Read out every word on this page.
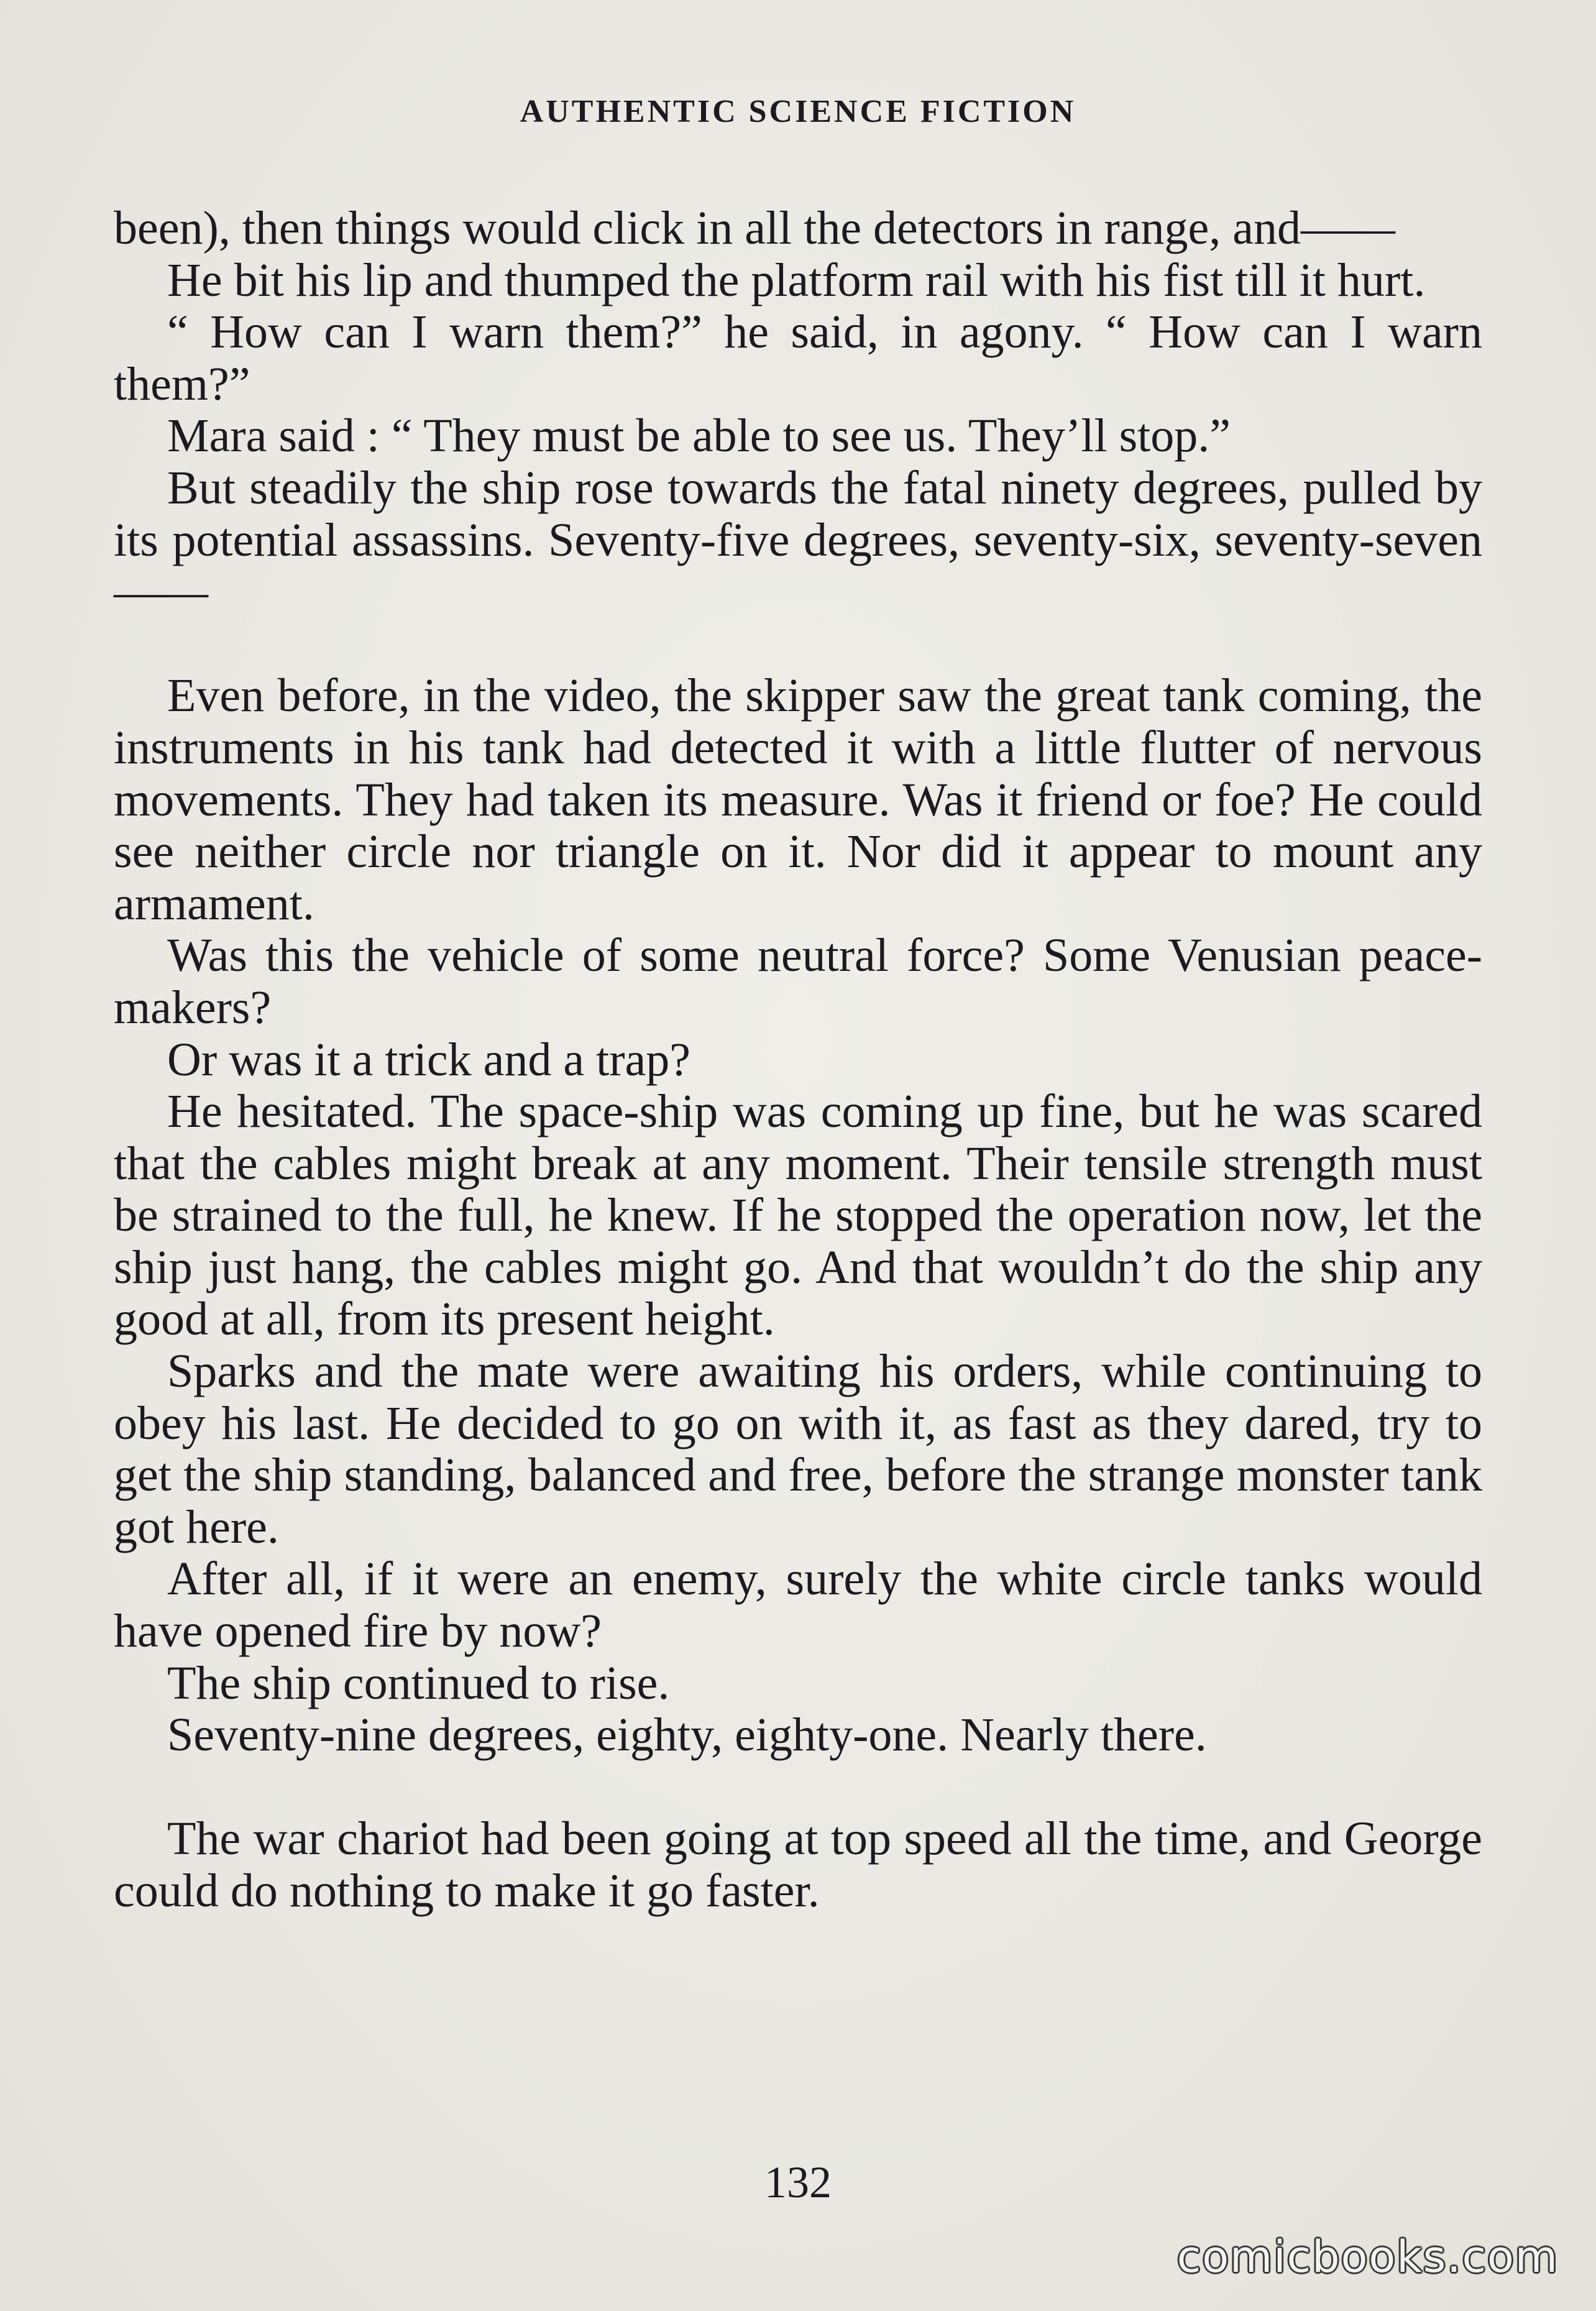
AUTHENTIC SCIENCE FICTION

been), then things would click in all the detectors in range, and——

He bit his lip and thumped the platform rail with his fist till it hurt.

“ How can I warn them?” he said, in agony. “ How can I warn them?”

Mara said : “ They must be able to see us. They’ll stop.”

But steadily the ship rose towards the fatal ninety degrees, pulled by its potential assassins. Seventy-five degrees, seventy-six, seventy-seven——

Even before, in the video, the skipper saw the great tank coming, the instruments in his tank had detected it with a little flutter of nervous movements. They had taken its measure. Was it friend or foe? He could see neither circle nor triangle on it. Nor did it appear to mount any armament.

Was this the vehicle of some neutral force? Some Venusian peace-makers?

Or was it a trick and a trap?

He hesitated. The space-ship was coming up fine, but he was scared that the cables might break at any moment. Their tensile strength must be strained to the full, he knew. If he stopped the operation now, let the ship just hang, the cables might go. And that wouldn’t do the ship any good at all, from its present height.

Sparks and the mate were awaiting his orders, while continuing to obey his last. He decided to go on with it, as fast as they dared, try to get the ship standing, balanced and free, before the strange monster tank got here.

After all, if it were an enemy, surely the white circle tanks would have opened fire by now?

The ship continued to rise.

Seventy-nine degrees, eighty, eighty-one. Nearly there.

The war chariot had been going at top speed all the time, and George could do nothing to make it go faster.

132
comicbooks.com
